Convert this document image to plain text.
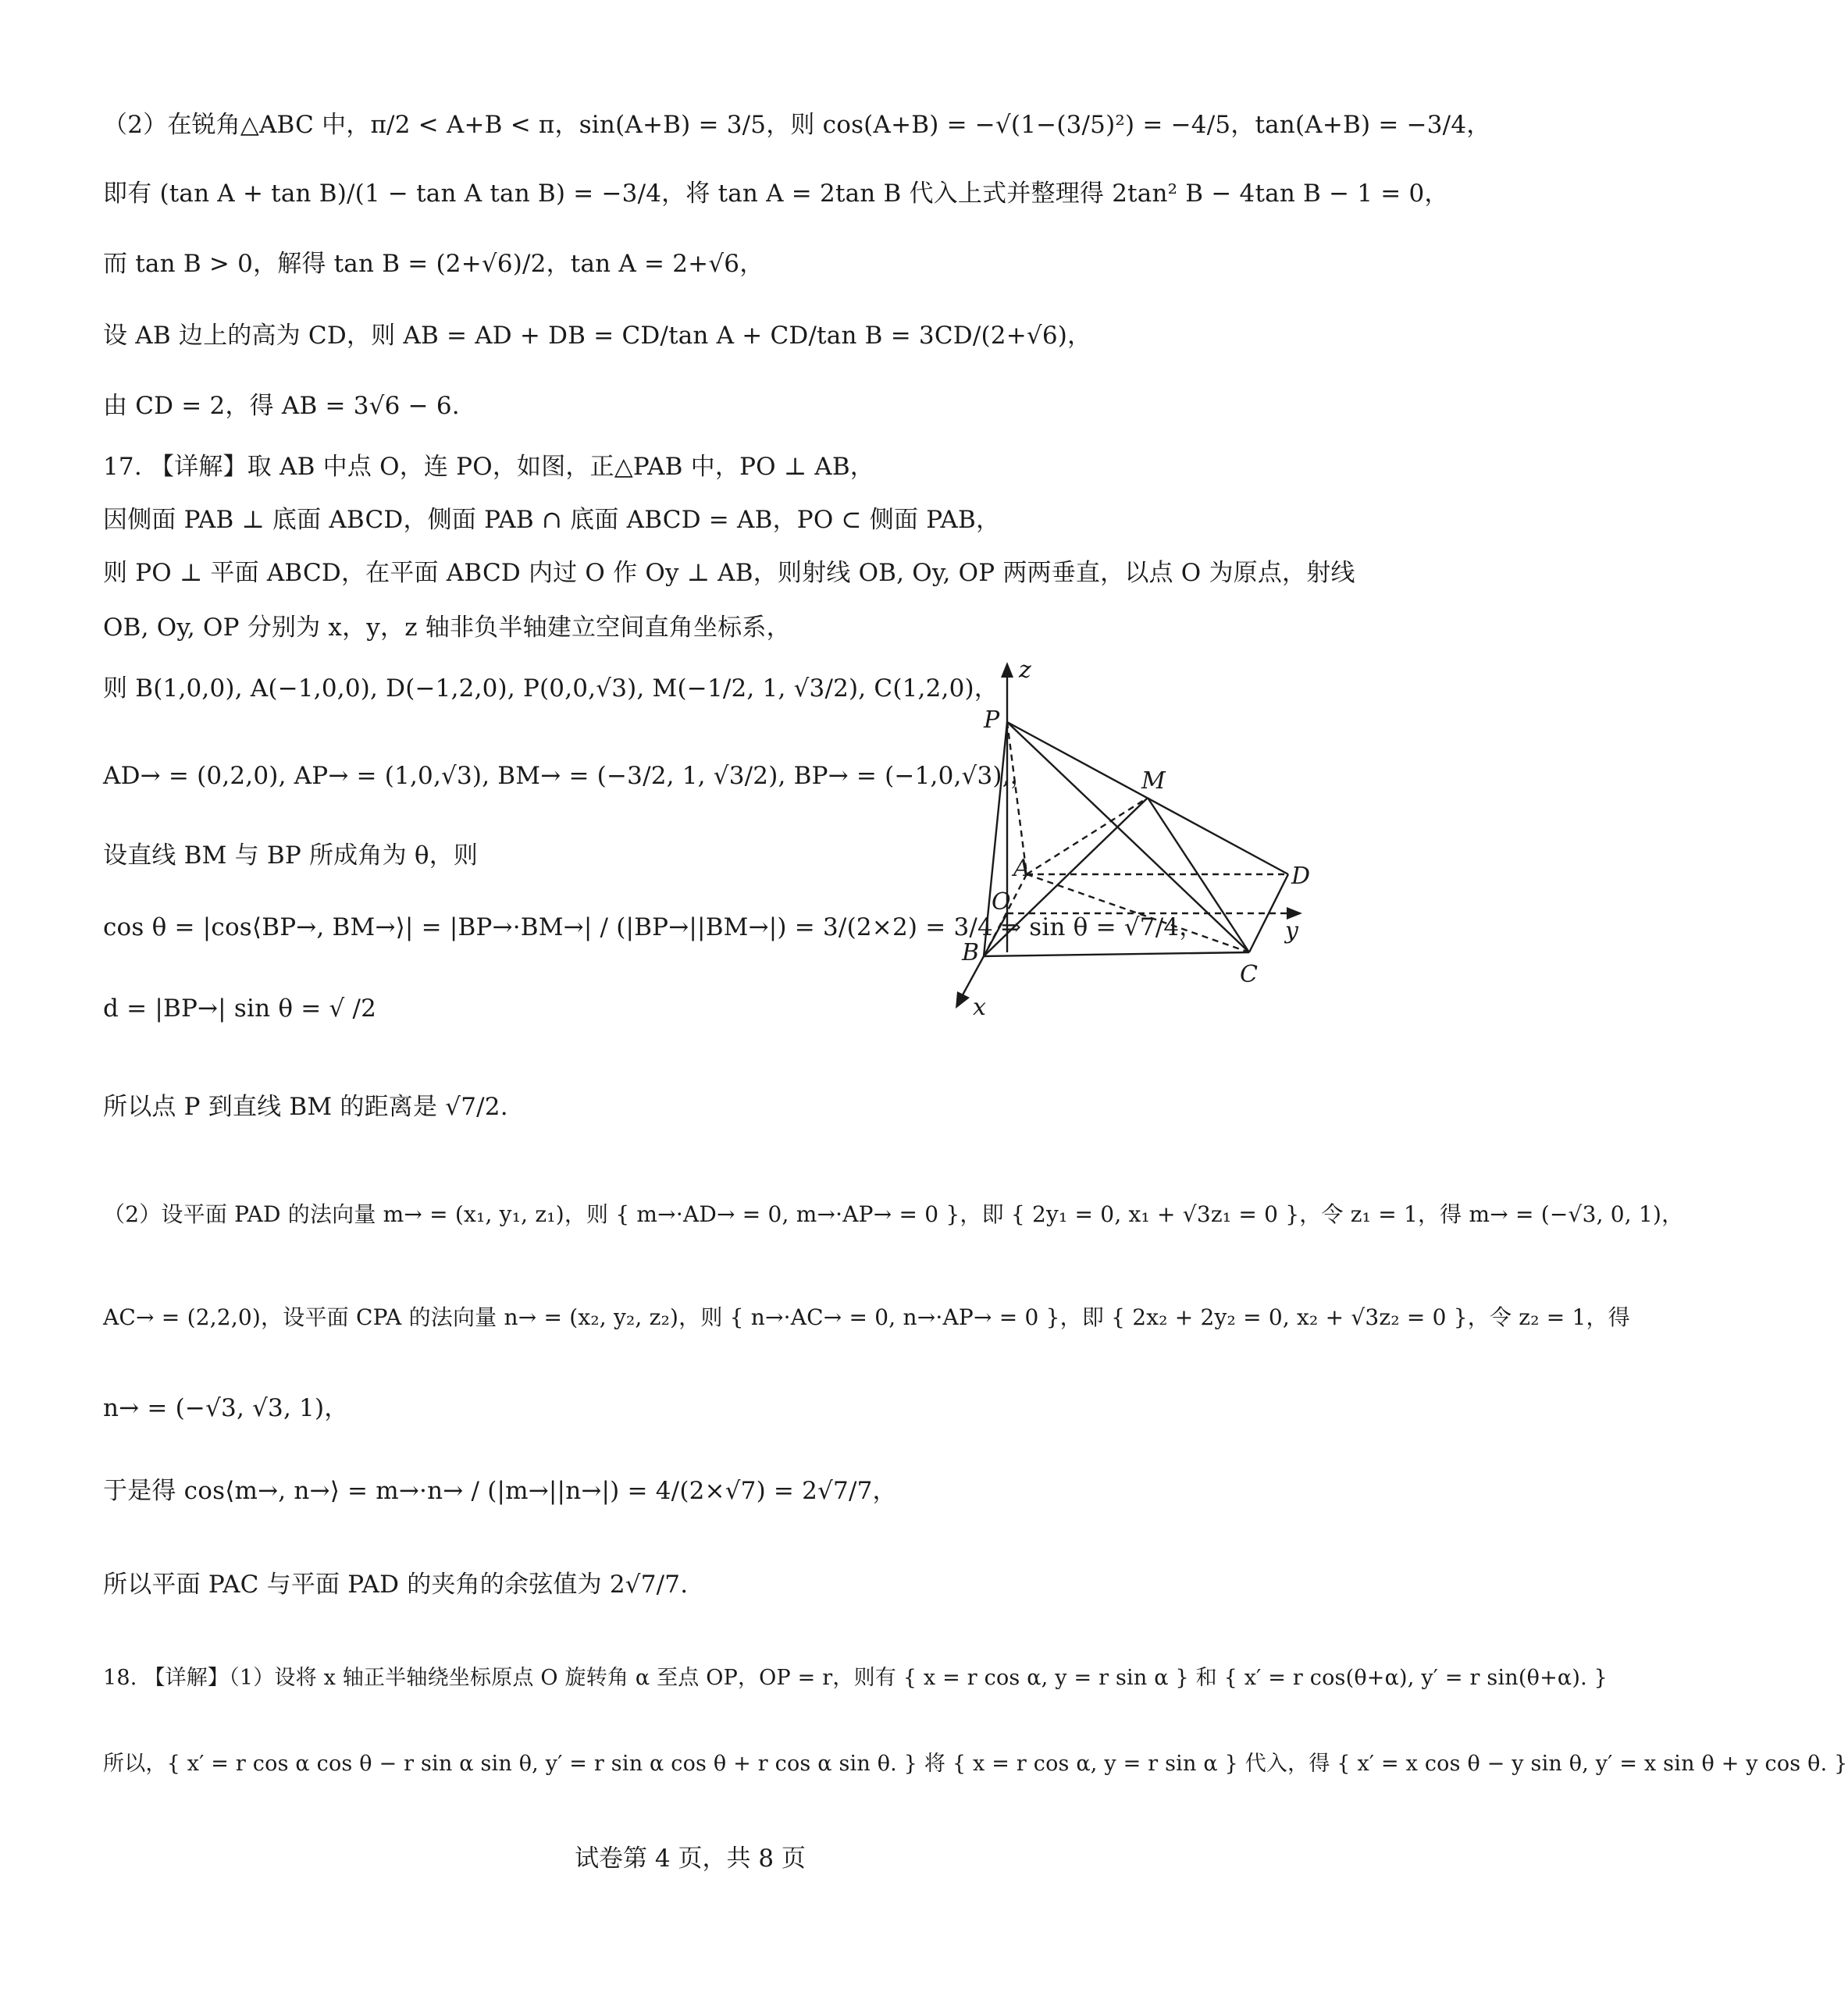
（2）在锐角△ABC 中，π/2 < A+B < π，sin(A+B) = 3/5，则 cos(A+B) = −√(1−(3/5)²) = −4/5，tan(A+B) = −3/4，
即有 (tan A + tan B)/(1 − tan A tan B) = −3/4，将 tan A = 2tan B 代入上式并整理得 2tan² B − 4tan B − 1 = 0，
而 tan B > 0，解得 tan B = (2+√6)/2，tan A = 2+√6，
设 AB 边上的高为 CD，则 AB = AD + DB = CD/tan A + CD/tan B = 3CD/(2+√6)，
由 CD = 2，得 AB = 3√6 − 6.
17. 【详解】取 AB 中点 O，连 PO，如图，正△PAB 中，PO ⊥ AB，
因侧面 PAB ⊥ 底面 ABCD，侧面 PAB ∩ 底面 ABCD = AB，PO ⊂ 侧面 PAB，
则 PO ⊥ 平面 ABCD，在平面 ABCD 内过 O 作 Oy ⊥ AB，则射线 OB, Oy, OP 两两垂直，以点 O 为原点，射线
OB, Oy, OP 分别为 x，y，z 轴非负半轴建立空间直角坐标系，
则 B(1,0,0), A(−1,0,0), D(−1,2,0), P(0,0,√3), M(−1/2, 1, √3/2), C(1,2,0)，
AD→ = (0,2,0), AP→ = (1,0,√3), BM→ = (−3/2, 1, √3/2), BP→ = (−1,0,√3),，
设直线 BM 与 BP 所成角为 θ，则
cos θ = |cos⟨BP→, BM→⟩| = |BP→·BM→| / (|BP→||BM→|) = 3/(2×2) = 3/4 ⇒ sin θ = √7/4，
d = |BP→| sin θ = √ /2
所以点 P 到直线 BM 的距离是 √7/2.
（2）设平面 PAD 的法向量 m→ = (x₁, y₁, z₁)，则 { m→·AD→ = 0, m→·AP→ = 0 }，即 { 2y₁ = 0, x₁ + √3z₁ = 0 }，令 z₁ = 1，得 m→ = (−√3, 0, 1)，
AC→ = (2,2,0)，设平面 CPA 的法向量 n→ = (x₂, y₂, z₂)，则 { n→·AC→ = 0, n→·AP→ = 0 }，即 { 2x₂ + 2y₂ = 0, x₂ + √3z₂ = 0 }，令 z₂ = 1，得
n→ = (−√3, √3, 1)，
于是得 cos⟨m→, n→⟩ = m→·n→ / (|m→||n→|) = 4/(2×√7) = 2√7/7，
所以平面 PAC 与平面 PAD 的夹角的余弦值为 2√7/7.
18. 【详解】（1）设将 x 轴正半轴绕坐标原点 O 旋转角 α 至点 OP，OP = r，则有 { x = r cos α, y = r sin α } 和 { x′ = r cos(θ+α), y′ = r sin(θ+α). }
所以，{ x′ = r cos α cos θ − r sin α sin θ, y′ = r sin α cos θ + r cos α sin θ. } 将 { x = r cos α, y = r sin α } 代入，得 { x′ = x cos θ − y sin θ, y′ = x sin θ + y cos θ. }
z
P
M
A	D
O
y
B
C
x
试卷第 4 页，共 8 页
